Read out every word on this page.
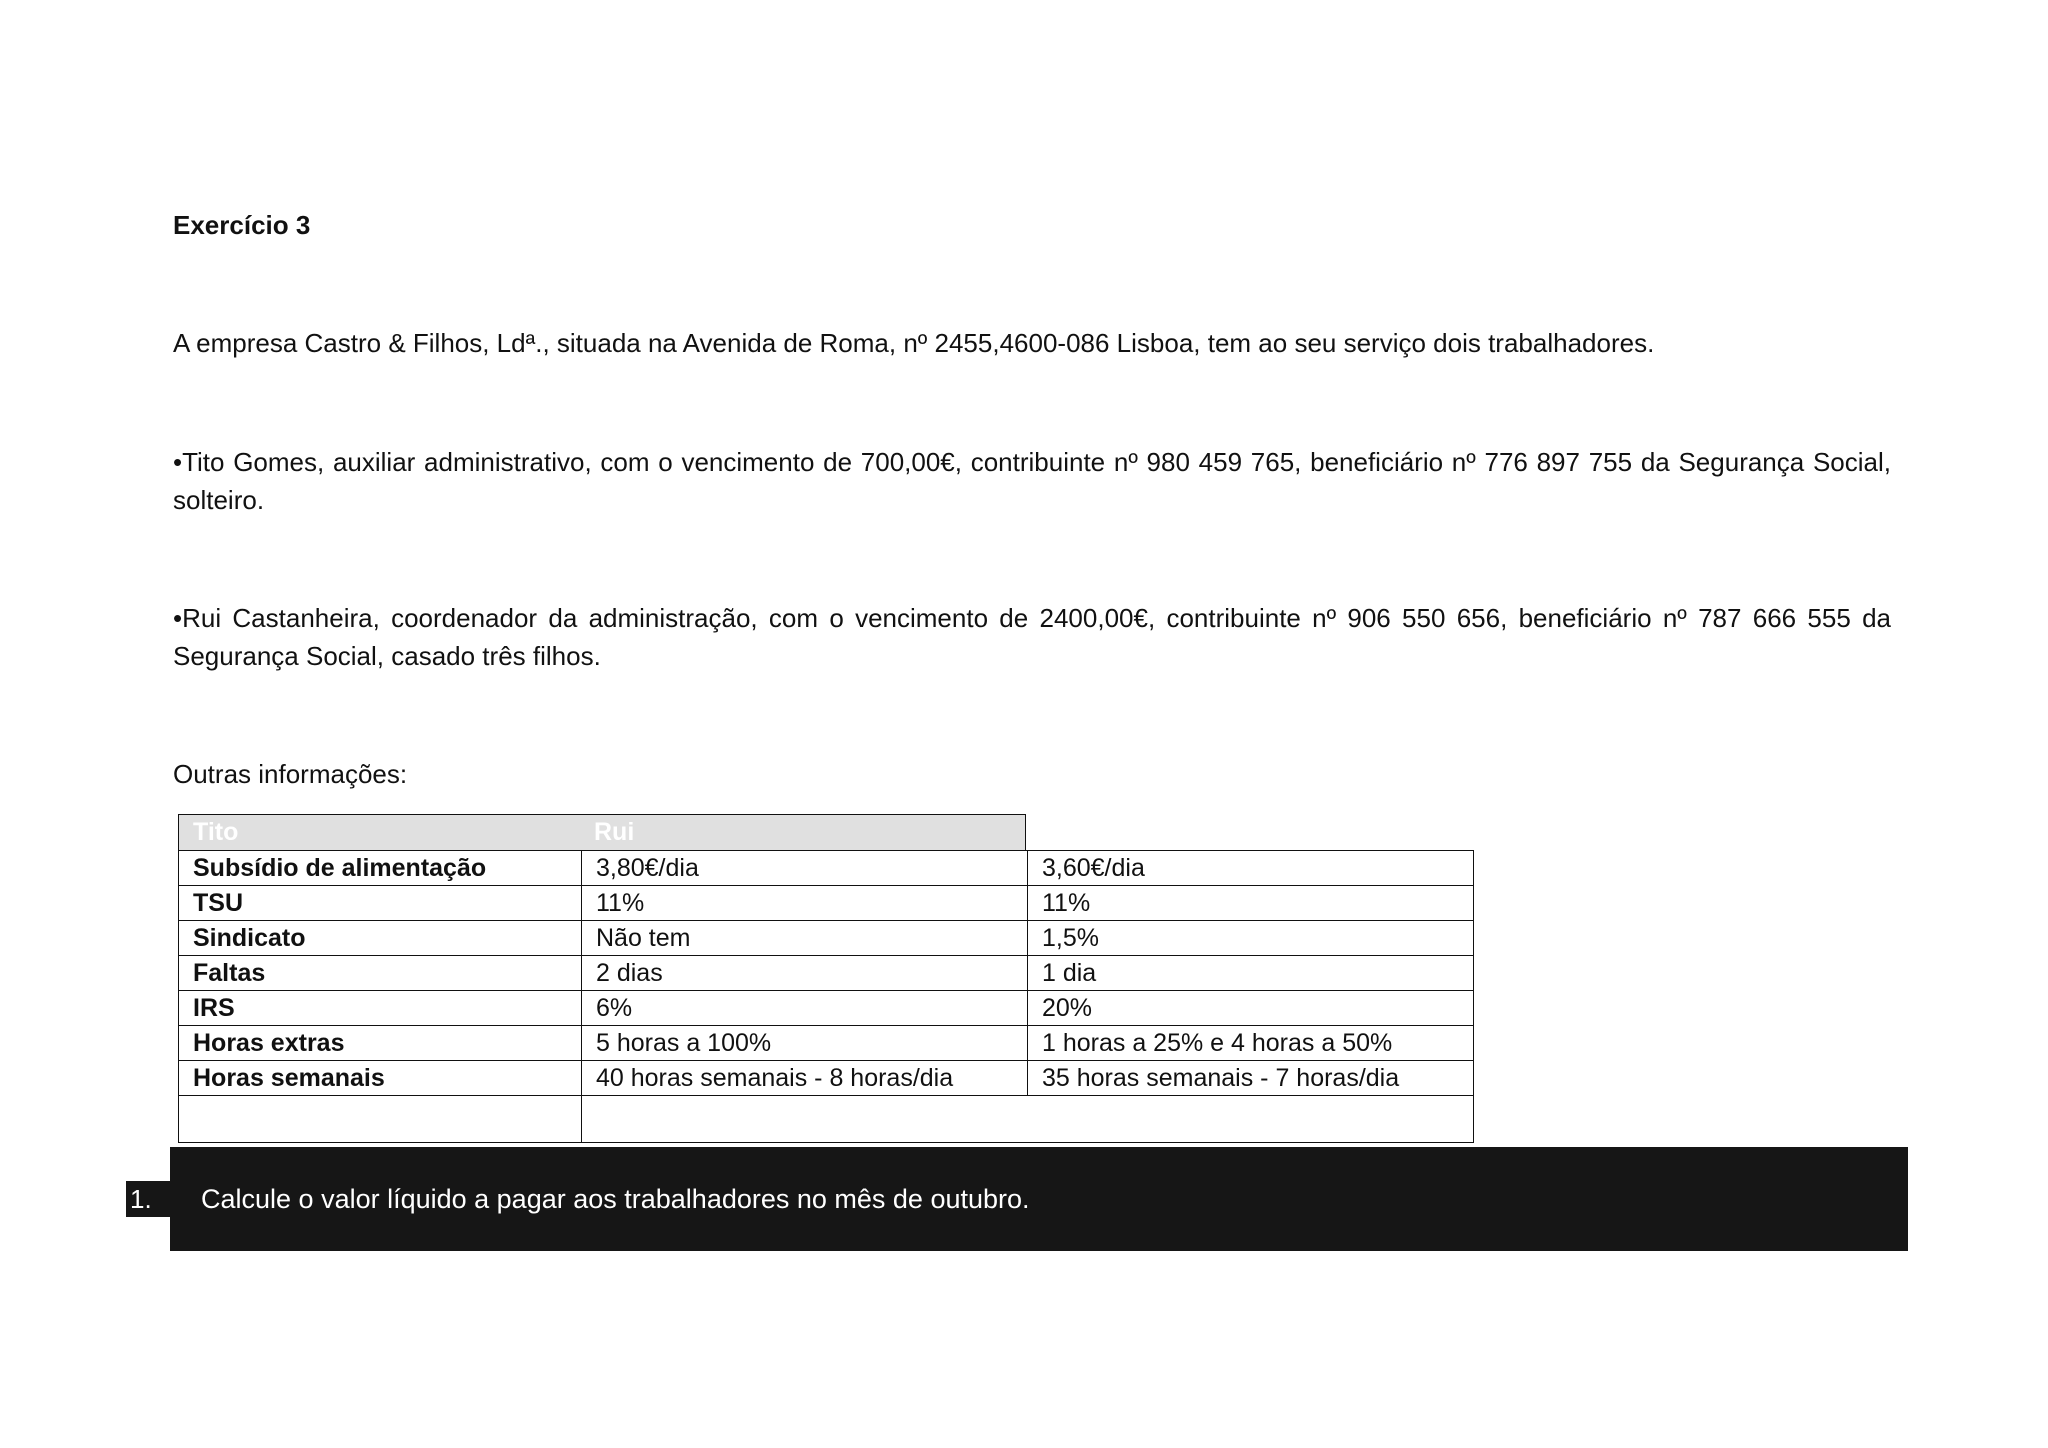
Exercício 3

A empresa Castro & Filhos, Ldª., situada na Avenida de Roma, nº 2455,4600-086 Lisboa, tem ao seu serviço dois trabalhadores.

•Tito Gomes, auxiliar administrativo, com o vencimento de 700,00€, contribuinte nº 980 459 765, beneficiário nº 776 897 755 da Segurança Social, solteiro.

•Rui Castanheira, coordenador da administração, com o vencimento de 2400,00€, contribuinte nº 906 550 656, beneficiário nº 787 666 555 da Segurança Social, casado três filhos.

Outras informações:

Tito	Rui
Subsídio de alimentação	3,80€/dia	3,60€/dia
TSU	11%	11%
Sindicato	Não tem	1,5%
Faltas	2 dias	1 dia
IRS	6%	20%
Horas extras	5 horas a 100%	1 horas a 25% e 4 horas a 50%
Horas semanais	40 horas semanais - 8 horas/dia	35 horas semanais - 7 horas/dia

1.	Calcule o valor líquido a pagar aos trabalhadores no mês de outubro.
